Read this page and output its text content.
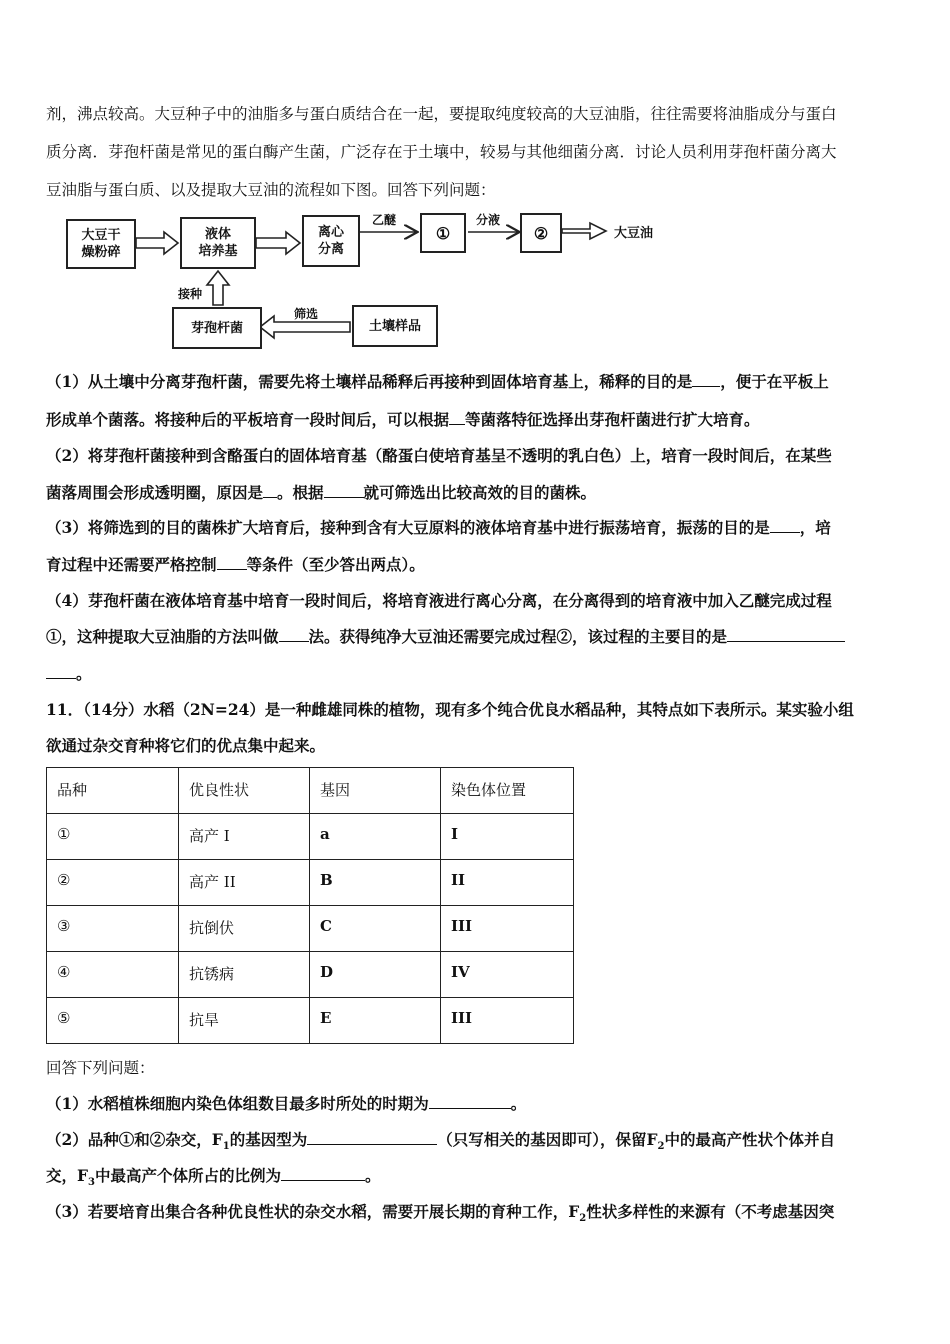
剂，沸点较高。大豆种子中的油脂多与蛋白质结合在一起，要提取纯度较高的大豆油脂，往往需要将油脂成分与蛋白
质分离．芽孢杆菌是常见的蛋白酶产生菌，广泛存在于土壤中，较易与其他细菌分离．讨论人员利用芽孢杆菌分离大
豆油脂与蛋白质、以及提取大豆油的流程如下图。回答下列问题：
大豆干
燥粉碎
液体
培养基
离心
分离
乙醚
①
分液
②	大豆油
接种
芽孢杆菌
筛选
土壤样品
（1）从土壤中分离芽孢杆菌，需要先将土壤样品稀释后再接种到固体培育基上，稀释的目的是 ，便于在平板上
形成单个菌落。将接种后的平板培育一段时间后，可以根据 等菌落特征选择出芽孢杆菌进行扩大培育。
（2）将芽孢杆菌接种到含酪蛋白的固体培育基（酪蛋白使培育基呈不透明的乳白色）上，培育一段时间后，在某些
菌落周围会形成透明圈，原因是 。根据	就可筛选出比较高效的目的菌株。
（3）将筛选到的目的菌株扩大培育后，接种到含有大豆原料的液体培育基中进行振荡培育，振荡的目的是 ，培
育过程中还需要严格控制 等条件（至少答出两点）。
（4）芽孢杆菌在液体培育基中培育一段时间后，将培育液进行离心分离，在分离得到的培育液中加入乙醚完成过程
①，这种提取大豆油脂的方法叫做 法。获得纯净大豆油还需要完成过程②，该过程的主要目的是
。
11．（14分）水稻（2N=24）是一种雌雄同株的植物，现有多个纯合优良水稻品种，其特点如下表所示。某实验小组
欲通过杂交育种将它们的优点集中起来。
品种	优良性状	基因	染色体位置
①	高产 I	a	I
②	高产 II	B	II
③	抗倒伏	C	III
④	抗锈病	D	IV
⑤	抗旱	E	III
回答下列问题：
（1）水稻植株细胞内染色体组数目最多时所处的时期为	。
（2）品种①和②杂交，$F_1$的基因型为	（只写相关的基因即可），保留$F_2$中的最高产性状个体并自
交，$F_3$中最高产个体所占的比例为	。
（3）若要培育出集合各种优良性状的杂交水稻，需要开展长期的育种工作，$F_2$性状多样性的来源有（不考虑基因突
